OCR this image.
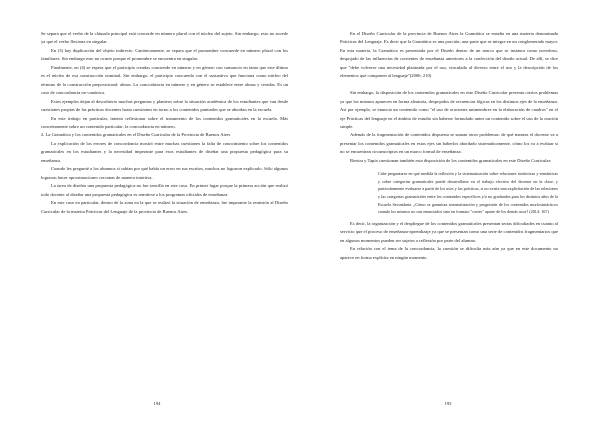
Se separa que el verbo de la cláusula principal está concorde en número plural con el núcleo del sujeto. Sin embargo, esto no sucede ya que el verbo flexiona en singular.

En (3) hay duplicación del objeto indirecto. Canónicamente, se separa que el pronombre concuerde en número plural con los familiares. Sin embargo esto no ocurre porque el pronombre se encuentra en singular.

Finalmente, en (4) se espera que el participio creadas concuerde en número y en género con cansancio en tanto que este último es el núcleo de esa construcción nominal. Sin embargo, el participio concuerda con el sustantivo que funciona como núcleo del término de la construcción preposicional: almas. La concordancia en número y en género se establece entre almas y creadas. Es un caso de concordancia no-canónica.

Estos ejemplos dejan al descubierto muchas preguntas y planteos sobre la situación académica de los estudiantes que van desde cuestiones propias de las prácticas docentes hasta cuestiones en torno a los contenidos puntuales que se abordan en la escuela.

En este trabajo en particular, intento reflexionar sobre el tratamiento de los contenidos gramaticales en la escuela. Más concretamente sobre un contenido particular: la concordancia en número.

2. La Gramática y los contenidos gramaticales en el Diseño Curricular de la Provincia de Buenos Aires

La explicación de los errores de concordancia mostró entre muchas cuestiones la falta de conocimiento sobre los contenidos gramaticales en los estudiantes y la necesidad imperante para esos estudiantes de diseñar una propuesta pedagógica para su enseñanza.

Cuando les pregunté a los alumnos si sabían por qué había un error en sus escritos, muchos no lograron explicarlo. Sólo algunos lograron hacer aproximaciones cercanas de manera intuitiva.

La tarea de diseñar una propuesta pedagógica no fue sencilla en este caso. En primer lugar porque la primera acción que realizó todo docente al diseñar una propuesta pedagógica es remitirse a los programas oficiales de enseñanza.

En este caso en particular, dentro de la zona en la que se realizó la situación de enseñanza, fue imperante la remisión al Diseño Curricular de la materia Prácticas del Lenguaje de la provincia de Buenos Aires.

194

En el Diseño Curricular de la provincia de Buenos Aires la Gramática se enseña en una materia denominada Prácticas del Lenguaje. Es decir que la Gramática es una porción, una parte que se integra en un conglomerado mayor. En esta materia, la Gramática es presentada por el Diseño dentro de un marco que se instaura como novedoso, despojado de las influencias de corrientes de enseñanza anteriores a la confección del diseño actual. De allí, se dice que "debe volverse una necesidad planteada por el uso, vinculado al diverso entre el uso y la descripción de los elementos que componen al lenguaje"(2006: 210)

Sin embargo, la disposición de los contenidos gramaticales en este Diseño Curricular presenta ciertos problemas ya que los mismos aparecen en forma aleatoria, despojados de secuencias lógicas en los distintos ejes de la enseñanza. Así por ejemplo, se enuncia un contenido como "el uso de oraciones unimembres en la elaboración de cuadros" en el eje Prácticas del lenguaje en el ámbito de estudio sin haberse formulado antes un contenido sobre el uso de la oración simple.

Además de la fragmentación de contenidos dispuesta se suman otros problemas: de qué manera el docente va a presentar los contenidos gramaticales en estos ejes sin haberlos abordado sistemáticamente, cómo los va a evaluar si no se encuentran circunscriptos en un marco formal de enseñanza.

Riestra y Tapia cuestionan también esta disposición de los contenidos gramaticales en este Diseño Curricular:

Cabe preguntarse en qué medida la reflexión y la sistematización sobre relaciones sintácticas y semánticas y sobre categorías gramaticales puede desarrollarse en el trabajo efectivo del docente en la clase, y particularmente evaluarse a partir de los usos y las prácticas, si no existe una explicitación de las relaciones y las categorías gramaticales entre los contenidos específicos y/o no graduados para los distintos años de la Escuela Secundaria. ¿Cómo se garantiza sistematización y progresión de los contenidos morfosintácticos cuando los mismos no son enunciados sino en formato "cortes" aparte de los demás usos? (2014: 167)

Es decir, la organización y el despliegue de los contenidos gramaticales presentan serias dificultades en cuanto al servicio que el proceso de enseñanza-aprendizaje ya que se presentan como una serie de contenidos fragmentarios que en algunos momentos pueden ser sujetos a reflexión por parte del alumno.

En relación con el tema de la concordancia, la cuestión se dificulta más aún ya que en este documento no aparece en forma explícita en ningún momento.

195
